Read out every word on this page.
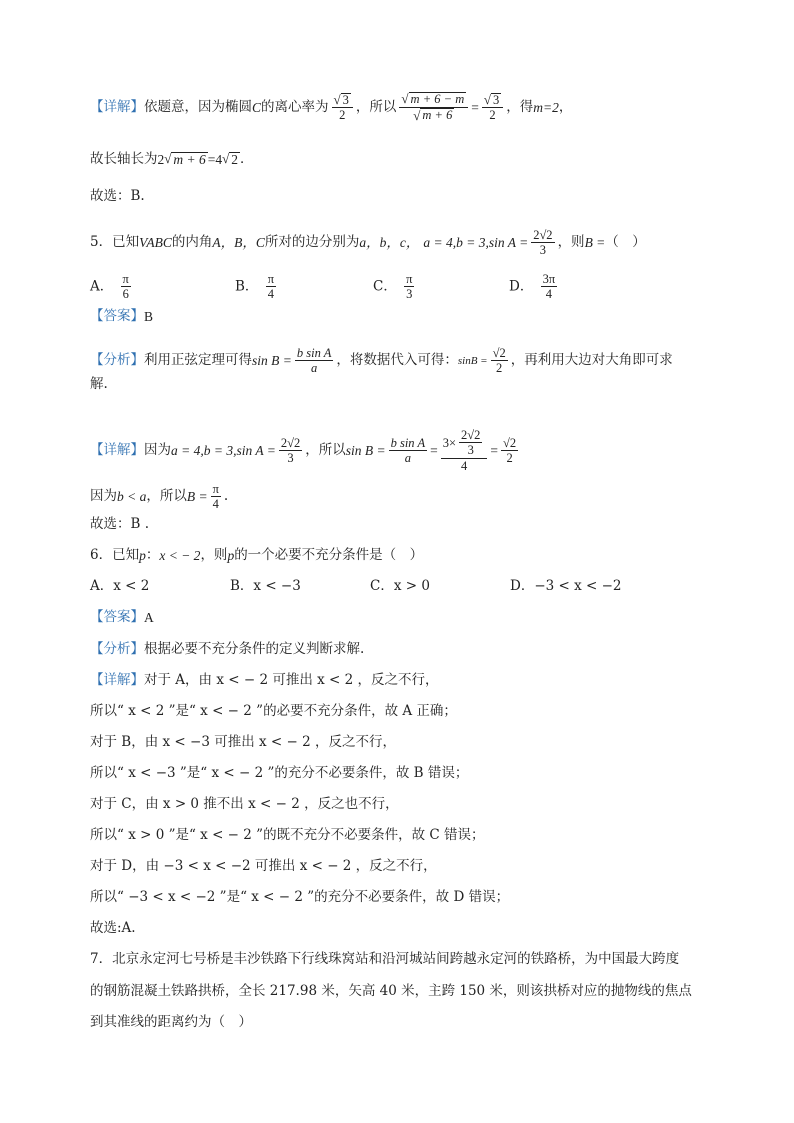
【详解】 依题意，因为椭圆 C 的离心率为 $\frac{√ 3}{2}$ ，所以 $\frac{√ m + 6 - m}{√ m + 6} = \frac{√ 3}{2}$ ，得 m=2 ，
故长轴长为 2 √ m + 6 =4 √ 2 ．
故选：B.
5．已知 VABC 的内角 A，B，C 所对的边分别为 a，b，c， a = 4,b = 3,sin $A = \frac{2√2}{3}$ ，则 B = （　）
A． $\frac{\pi}{6}$	B． $\frac{\pi}{4}$	C． $\frac{\pi}{3}$	D． $\frac{3\pi}{4}$
【答案】 B
【分析】 利用正弦定理可得 $\sin B = \frac{\text{b sin A}}{a}$ ，将数据代入可得： $\sin B = \frac{√2}{2}$ ，再利用大边对大角即可求
解.
【详解】 因为 a = 4,b = 3,sin $A = \frac{2√2}{3}$ ，所以 $\sin B = \frac{\text{b sin A}}{a} = \frac{3\times \frac{2√2}{3}}{4} = \frac{√2}{2}$
因为 b < a ，所以 $B = \frac{\pi}{4}$ .
故选：B .
6．已知 p ： x < − 2 ，则 p 的一个必要不充分条件是（　）
A．x < 2	B．x < −3	C．x > 0	D．−3 < x < −2
【答案】 A
【分析】 根据必要不充分条件的定义判断求解.
【详解】 对于 A，由 x < − 2 可推出 x < 2 ，反之不行，
所以“ x < 2 ”是“ x < − 2 ”的必要不充分条件，故 A 正确；
对于 B，由 x < −3 可推出 x < − 2 ，反之不行，
所以“ x < −3 ”是“ x < − 2 ”的充分不必要条件，故 B 错误；
对于 C，由 x > 0 推不出 x < − 2 ，反之也不行，
所以“ x > 0 ”是“ x < − 2 ”的既不充分不必要条件，故 C 错误；
对于 D，由 −3 < x < −2 可推出 x < − 2 ，反之不行，
所以“ −3 < x < −2 ”是“ x < − 2 ”的充分不必要条件，故 D 错误；
故选:A.
7．北京永定河七号桥是丰沙铁路下行线珠窝站和沿河城站间跨越永定河的铁路桥，为中国最大跨度
的钢筋混凝土铁路拱桥，全长 217.98 米，矢高 40 米，主跨 150 米，则该拱桥对应的抛物线的焦点
到其准线的距离约为（　）
